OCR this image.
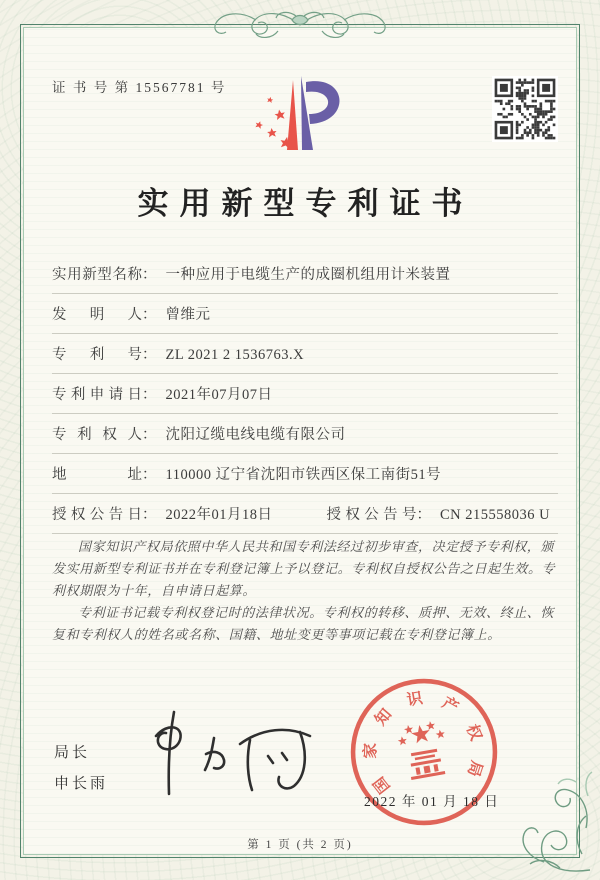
证 书 号 第 15567781 号
实用新型专利证书
实用新型名称： 一种应用于电缆生产的成圈机组用计米装置
发明人： 曾维元
专利号： ZL 2021 2 1536763.X
专利申请日： 2021年07月07日
专利权人： 沈阳辽缆电线电缆有限公司
地址： 110000 辽宁省沈阳市铁西区保工南街51号
授权公告日： 2022年01月18日	授权公告号： CN 215558036 U

国家知识产权局依照中华人民共和国专利法经过初步审查，决定授予专利权，颁发实用新型专利证书并在专利登记簿上予以登记。专利权自授权公告之日起生效。专利权期限为十年，自申请日起算。

专利证书记载专利权登记时的法律状况。专利权的转移、质押、无效、终止、恢复和专利权人的姓名或名称、国籍、地址变更等事项记载在专利登记簿上。

局长
申长雨	国
家
知
识 产
权
局
2022 年 01 月 18 日
第 1 页 (共 2 页)
